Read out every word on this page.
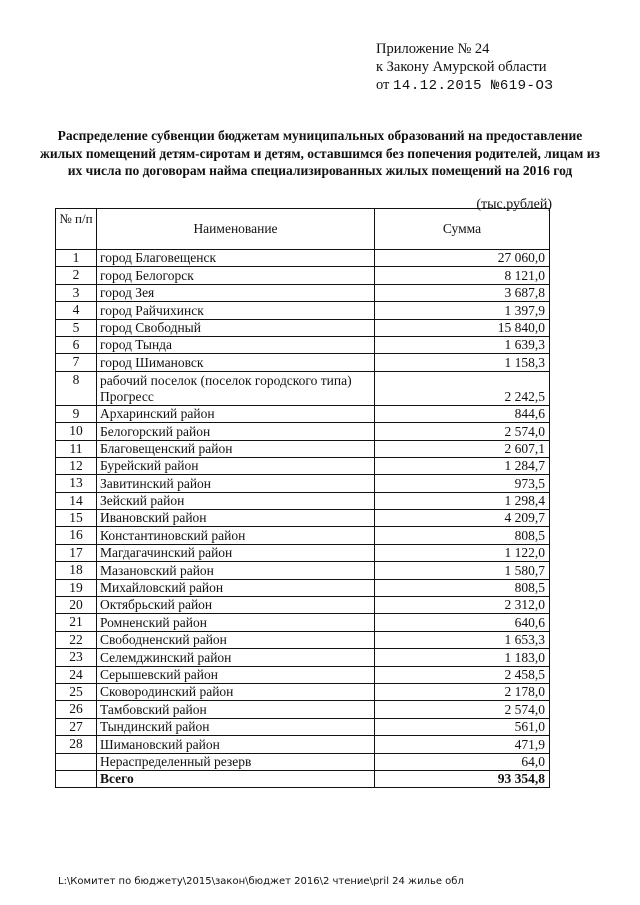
Приложение № 24
к Закону Амурской области
от 14.12.2015 №619-ОЗ
Распределение субвенции бюджетам муниципальных образований на предоставление жилых помещений детям-сиротам и детям, оставшимся без попечения родителей, лицам из их числа по договорам найма специализированных жилых помещений на 2016 год
(тыс.рублей)
№ п/п	Наименование	Сумма
1	город Благовещенск	27 060,0
2	город Белогорск	8 121,0
3	город Зея	3 687,8
4	город Райчихинск	1 397,9
5	город Свободный	15 840,0
6	город Тында	1 639,3
7	город Шимановск	1 158,3
8	рабочий поселок (поселок городского типа) Прогресс	2 242,5
9	Архаринский район	844,6
10	Белогорский район	2 574,0
11	Благовещенский район	2 607,1
12	Бурейский район	1 284,7
13	Завитинский район	973,5
14	Зейский район	1 298,4
15	Ивановский район	4 209,7
16	Константиновский район	808,5
17	Магдагачинский район	1 122,0
18	Мазановский район	1 580,7
19	Михайловский район	808,5
20	Октябрьский район	2 312,0
21	Ромненский район	640,6
22	Свободненский район	1 653,3
23	Селемджинский район	1 183,0
24	Серышевский район	2 458,5
25	Сковородинский район	2 178,0
26	Тамбовский район	2 574,0
27	Тындинский район	561,0
28	Шимановский район	471,9
	Нераспределенный резерв	64,0
	Всего	93 354,8
L:\Комитет по бюджету\2015\закон\бюджет 2016\2 чтение\pril 24 жилье обл
